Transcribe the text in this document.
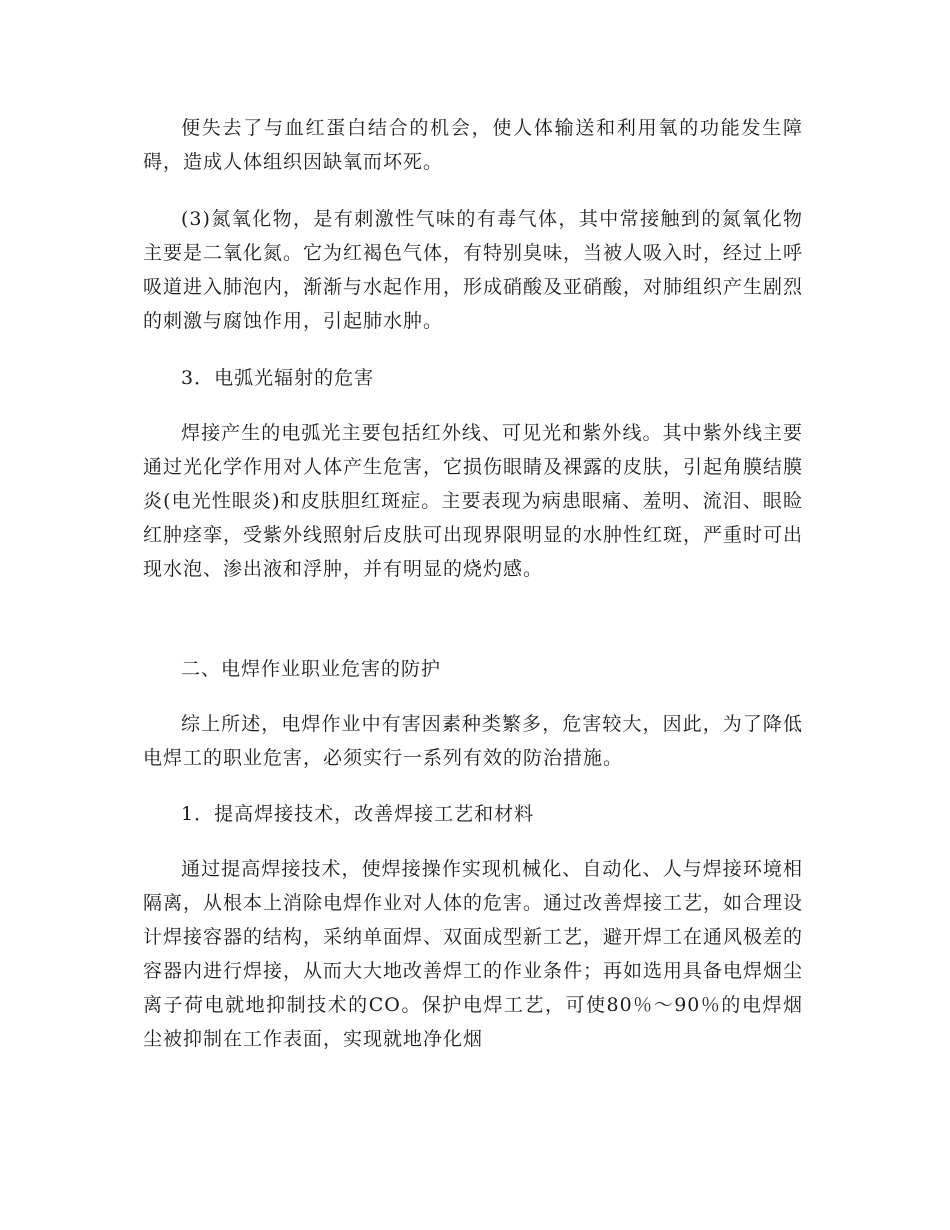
便失去了与血红蛋白结合的机会，使人体输送和利用氧的功能发生障碍，造成人体组织因缺氧而坏死。

(3)氮氧化物，是有刺激性气味的有毒气体，其中常接触到的氮氧化物主要是二氧化氮。它为红褐色气体，有特别臭味，当被人吸入时，经过上呼吸道进入肺泡内，渐渐与水起作用，形成硝酸及亚硝酸，对肺组织产生剧烈的刺激与腐蚀作用，引起肺水肿。

3．电弧光辐射的危害

焊接产生的电弧光主要包括红外线、可见光和紫外线。其中紫外线主要通过光化学作用对人体产生危害，它损伤眼睛及裸露的皮肤，引起角膜结膜炎(电光性眼炎)和皮肤胆红斑症。主要表现为病患眼痛、羞明、流泪、眼睑红肿痉挛，受紫外线照射后皮肤可出现界限明显的水肿性红斑，严重时可出现水泡、渗出液和浮肿，并有明显的烧灼感。

二、电焊作业职业危害的防护

综上所述，电焊作业中有害因素种类繁多，危害较大，因此，为了降低电焊工的职业危害，必须实行一系列有效的防治措施。

1．提高焊接技术，改善焊接工艺和材料

通过提高焊接技术，使焊接操作实现机械化、自动化、人与焊接环境相隔离，从根本上消除电焊作业对人体的危害。通过改善焊接工艺，如合理设计焊接容器的结构，采纳单面焊、双面成型新工艺，避开焊工在通风极差的容器内进行焊接，从而大大地改善焊工的作业条件；再如选用具备电焊烟尘离子荷电就地抑制技术的CO。保护电焊工艺，可使80％～90％的电焊烟尘被抑制在工作表面，实现就地净化烟
